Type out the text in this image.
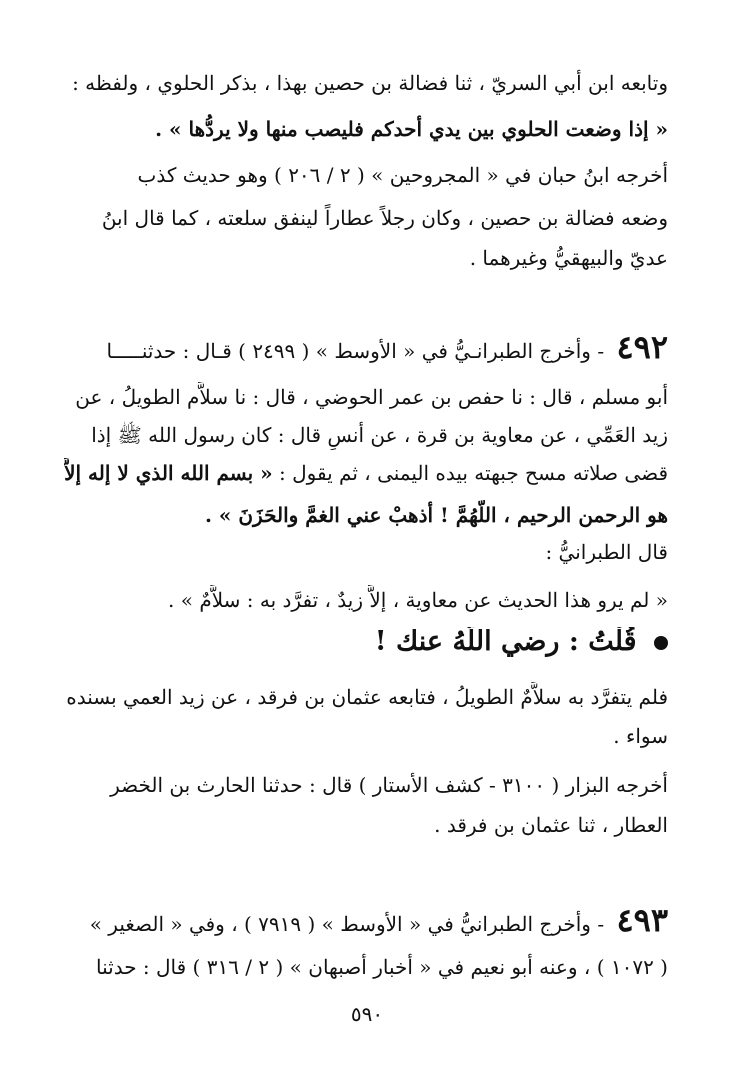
وتابعه ابن أبي السريّ ، ثنا فضالة بن حصين بهذا ، بذكر الحلوي ، ولفظه :
« إذا وضعت الحلوي بين يدي أحدكم فليصب منها ولا يردُّها » .
أخرجه ابنُ حبان في « المجروحين » ( ٢ / ٢٠٦ ) وهو حديث كذب
وضعه فضالة بن حصين ، وكان رجلاً عطاراً لينفق سلعته ، كما قال ابنُ
عديّ والبيهقيُّ وغيرهما .
٤٩٢ - وأخرج الطبرانـيُّ في « الأوسط » ( ٢٤٩٩ ) قـال : حدثنـــــا
أبو مسلم ، قال : نا حفص بن عمر الحوضي ، قال : نا سلاَّم الطويلُ ، عن
زيد العَمِّي ، عن معاوية بن قرة ، عن أنسٍ قال : كان رسول الله ﷺ إذا
قضى صلاته مسح جبهته بيده اليمنى ، ثم يقول : « بسم الله الذي لا إله إلاَّ
هو الرحمن الرحيم ، اللَّهُمَّ ! أذهبْ عني الغمَّ والحَزَنَ » .
قال الطبرانيُّ :
« لم يرو هذا الحديث عن معاوية ، إلاَّ زيدٌ ، تفرَّد به : سلاَّمٌ » .
قُلْتُ : رضي اللَّهُ عنك !
فلم يتفرَّد به سلاَّمٌ الطويلُ ، فتابعه عثمان بن فرقد ، عن زيد العمي بسنده
سواء .
أخرجه البزار ( ٣١٠٠ - كشف الأستار ) قال : حدثنا الحارث بن الخضر
العطار ، ثنا عثمان بن فرقد .
٤٩٣ - وأخرج الطبرانيُّ في « الأوسط » ( ٧٩١٩ ) ، وفي « الصغير »
( ١٠٧٢ ) ، وعنه أبو نعيم في « أخبار أصبهان » ( ٢ / ٣١٦ ) قال : حدثنا
٥٩٠
